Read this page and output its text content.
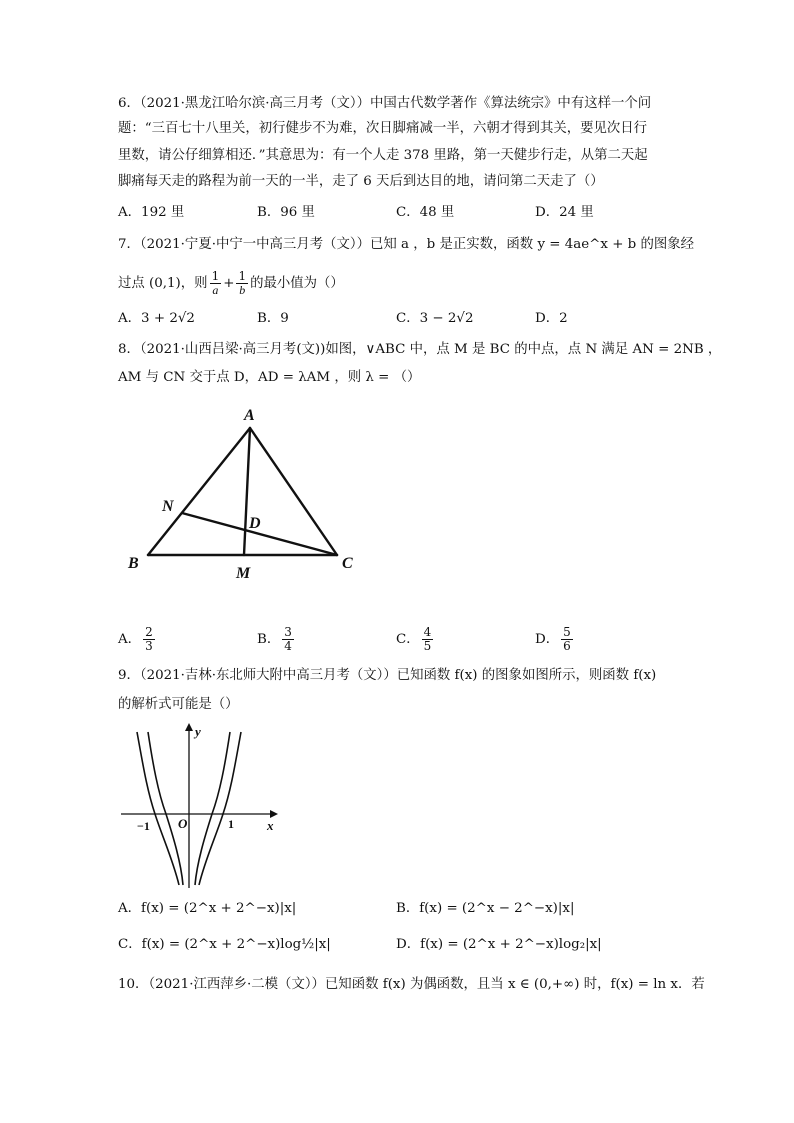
6．（2021·黑龙江哈尔滨·高三月考（文））中国古代数学著作《算法统宗》中有这样一个问
题：“三百七十八里关，初行健步不为难，次日脚痛减一半，六朝才得到其关，要见次日行
里数，请公仔细算相还．”其意思为：有一个人走 378 里路，第一天健步行走，从第二天起
脚痛每天走的路程为前一天的一半，走了 6 天后到达目的地，请问第二天走了（）
A．192 里	B．96 里	C．48 里	D．24 里
7．（2021·宁夏·中宁一中高三月考（文））已知 a ，b 是正实数，函数 y = 4ae^x + b 的图象经
过点 (0,1)，则 $\frac{1}{a} + \frac{1}{b}$ 的最小值为（）
A．3 + 2√2	B．9	C．3 − 2√2	D．2
8．（2021·山西吕梁·高三月考(文))如图，∨ABC 中，点 M 是 BC 的中点，点 N 满足 AN = 2NB ，
AM 与 CN 交于点 D，AD = λAM ，则 λ = （）
A
N
D
B
M
C
A． $\frac{2}{3}$	B． $\frac{3}{4}$	C． $\frac{4}{5}$	D． $\frac{5}{6}$
9．（2021·吉林·东北师大附中高三月考（文））已知函数 f(x) 的图象如图所示，则函数 f(x)
的解析式可能是（）
y
x
O
−1	1
A．f(x) = (2^x + 2^−x)|x|	B．f(x) = (2^x − 2^−x)|x|
C．f(x) = (2^x + 2^−x)log½|x|	D．f(x) = (2^x + 2^−x)log₂|x|
10．（2021·江西萍乡·二模（文））已知函数 f(x) 为偶函数，且当 x ∈ (0,+∞) 时，f(x) = ln x．若
